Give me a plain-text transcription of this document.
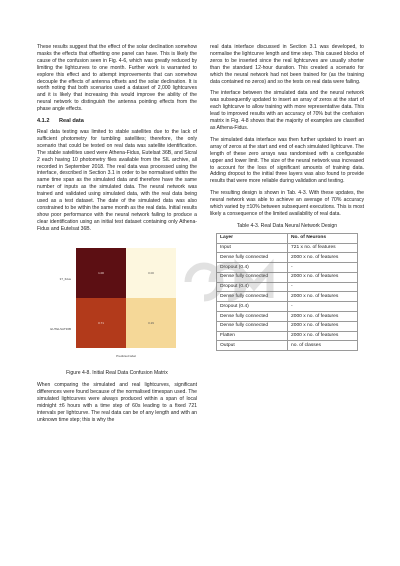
These results suggest that the effect of the solar declination somehow masks the effects that offsetting one panel can have. This is likely the cause of the confusion seen in Fig. 4-6, which was greatly reduced by limiting the lightcurves to one month. Further work is warranted to explore this effect and to attempt improvements that can somehow decouple the effects of antenna offsets and the solar declination. It is worth noting that both scenarios used a dataset of 2,000 lightcurves and it is likely that increasing this would improve the ability of the neural network to distinguish the antenna pointing effects from the phase angle effects.

4.1.2 Real data

Real data testing was limited to stable satellites due to the lack of sufficient photometry for tumbling satellites; therefore, the only scenario that could be tested on real data was satellite identification. The stable satellites used were Athena-Fidus, Eutelsat 36B, and Sicral 2 each having 10 photometry files available from the SIL archive, all recorded in September 2018. The real data was processed using the interface, described in Section 3.1 in order to be normalised within the same time span as the simulated data and therefore have the same number of inputs as the simulated data. The neural network was trained and validated using simulated data, with the real data being used as a test dataset. The date of the simulated data was also constrained to be within the same month as the real data. Initial results show poor performance with the neural network failing to produce a clear identification using an initial test dataset containing only Athena-Fidus and Eutelsat 36B.

1.00	0.00
0.71	0.29
37_fidus
EUTELSAT36B
Predicted label
Figure 4-8. Initial Real Data Confusion Matrix

When comparing the simulated and real lightcurves, significant differences were found because of the normalised timespan used. The simulated lightcurves were always produced within a span of local midnight ±6 hours with a time step of 60s leading to a fixed 721 intervals per lightcurve. The real data can be of any length and with an unknown time step; this is why the

real data interface discussed in Section 3.1 was developed, to normalise the lightcurve length and time step. This caused blocks of zeros to be inserted since the real lightcurves are usually shorter than the standard 12-hour duration. This created a scenario for which the neural network had not been trained for (as the training data contained no zeros) and so the tests on real data were failing.

The interface between the simulated data and the neural network was subsequently updated to insert an array of zeros at the start of each lightcurve to allow training with more representative data. This lead to improved results with an accuracy of 70% but the confusion matrix in Fig. 4-8 shows that the majority of examples are classified as Athena-Fidus.

The simulated data interface was then further updated to insert an array of zeros at the start and end of each simulated lightcurve. The length of these zero arrays was randomised with a configurable upper and lower limit. The size of the neural network was increased to account for the loss of significant amounts of training data. Adding dropout to the initial three layers was also found to provide results that were more reliable during validation and testing.

The resulting design is shown in Tab. 4-3. With these updates, the neural network was able to achieve an average of 70% accuracy which varied by ±10% between subsequent executions. This is most likely a consequence of the limited availability of real data.

Table 4-3. Real Data Neural Network Design
Layer	No. of Neurons
Input	721 x no. of features
Dense fully connected	2000 x no. of features
Dropout (0.4)	-
Dense fully connected	2000 x no. of features
Dropout (0.4)	-
Dense fully connected	2000 x no. of features
Dropout (0.4)	-
Dense fully connected	2000 x no. of features
Dense fully connected	2000 x no. of features
Flatten	2000 x no. of features
Output	no. of classes
